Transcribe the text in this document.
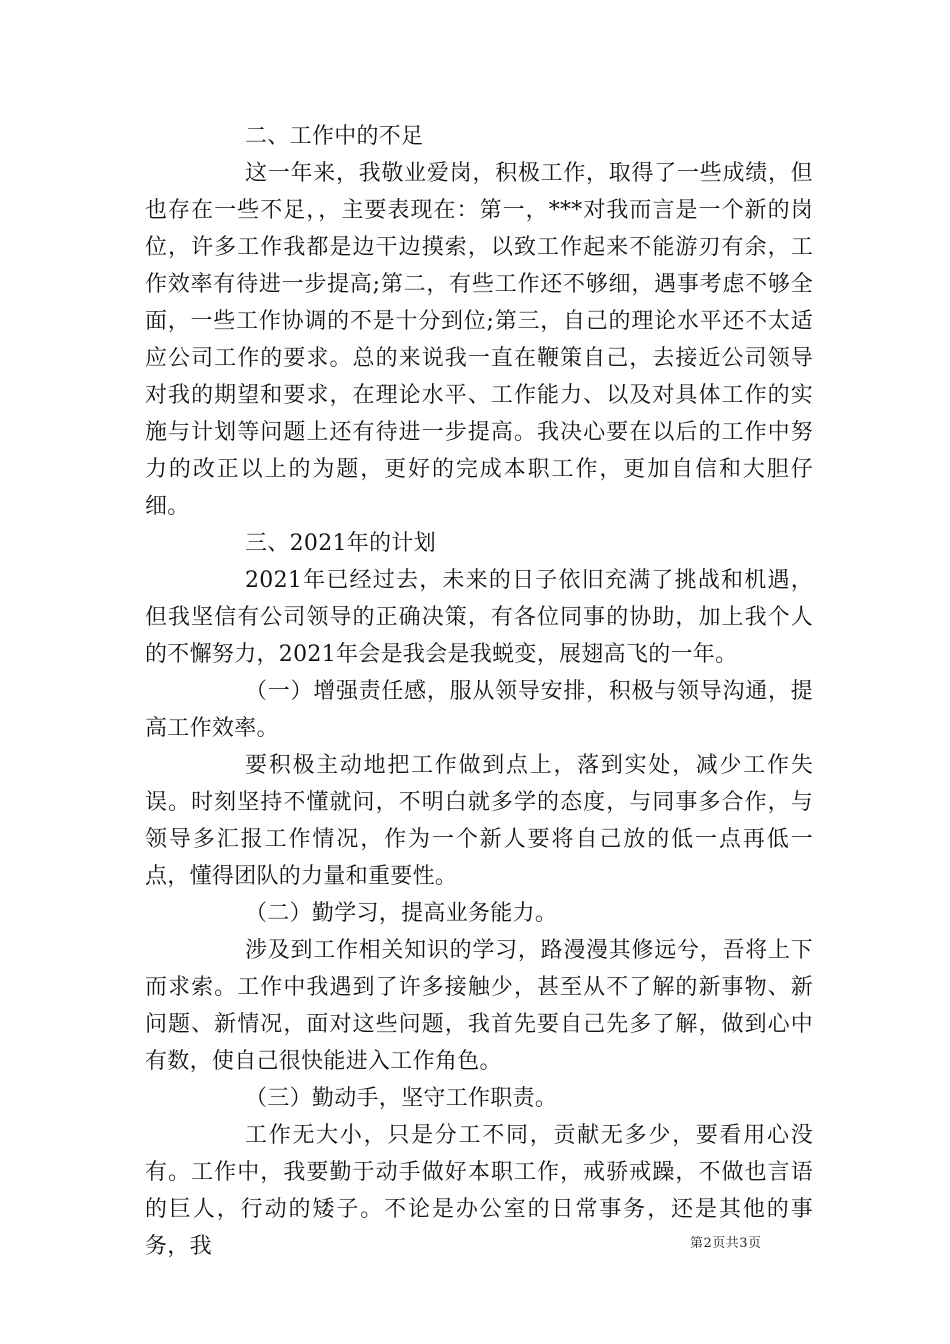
二、工作中的不足

这一年来，我敬业爱岗，积极工作，取得了一些成绩，但也存在一些不足，，主要表现在：第一，***对我而言是一个新的岗位，许多工作我都是边干边摸索，以致工作起来不能游刃有余，工作效率有待进一步提高;第二，有些工作还不够细，遇事考虑不够全面，一些工作协调的不是十分到位;第三，自己的理论水平还不太适应公司工作的要求。总的来说我一直在鞭策自己，去接近公司领导对我的期望和要求，在理论水平、工作能力、以及对具体工作的实施与计划等问题上还有待进一步提高。我决心要在以后的工作中努力的改正以上的为题，更好的完成本职工作，更加自信和大胆仔细。

三、2021年的计划

2021年已经过去，未来的日子依旧充满了挑战和机遇，但我坚信有公司领导的正确决策，有各位同事的协助，加上我个人的不懈努力，2021年会是我会是我蜕变，展翅高飞的一年。

（一）增强责任感，服从领导安排，积极与领导沟通，提高工作效率。

要积极主动地把工作做到点上，落到实处，减少工作失误。时刻坚持不懂就问，不明白就多学的态度，与同事多合作，与领导多汇报工作情况，作为一个新人要将自己放的低一点再低一点，懂得团队的力量和重要性。

（二）勤学习，提高业务能力。

涉及到工作相关知识的学习，路漫漫其修远兮，吾将上下而求索。工作中我遇到了许多接触少，甚至从不了解的新事物、新问题、新情况，面对这些问题，我首先要自己先多了解，做到心中有数，使自己很快能进入工作角色。

（三）勤动手，坚守工作职责。

工作无大小，只是分工不同，贡献无多少，要看用心没有。工作中，我要勤于动手做好本职工作，戒骄戒躁，不做也言语的巨人，行动的矮子。不论是办公室的日常事务，还是其他的事务，我	第2页共3页
